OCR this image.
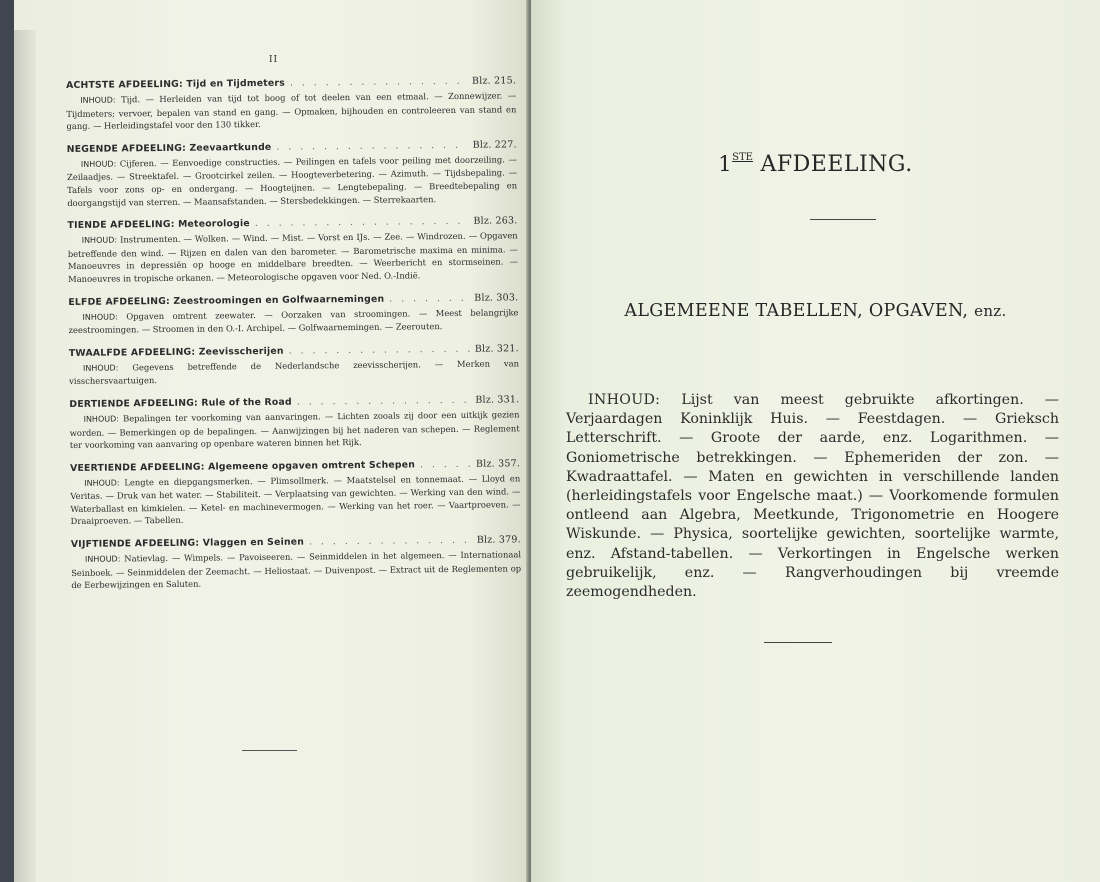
II
ACHTSTE AFDEELING: Tijd en Tijdmeters . . .	Blz. 215.
INHOUD: Tijd. — Herleiden van tijd tot boog of tot deelen van een etmaal. — Zonnewijzer. — Tijdmeters; vervoer, bepalen van stand en gang. — Opmaken, bijhouden en controleeren van stand en gang. — Herleidingstafel voor den 130 tikker.
NEGENDE AFDEELING: Zeevaartkunde . . .	Blz. 227.
INHOUD: Cijferen. — Eenvoedige constructies. — Peilingen en tafels voor peiling met doorzeiling. — Zeilaadjes. — Streektafel. — Grootcirkel zeilen. — Hoogteverbetering. — Azimuth. — Tijdsbepaling. — Tafels voor zons op- en ondergang. — Hoogteijnen. — Lengtebepaling. — Breedtebepaling en doorgangstijd van sterren. — Maansafstanden. — Stersbedekkingen. — Sterrekaarten.
TIENDE AFDEELING: Meteorologie . . .	Blz. 263.
INHOUD: Instrumenten. — Wolken. — Wind. — Mist. — Vorst en IJs. — Zee. — Windrozen. — Opgaven betreffende den wind. — Rijzen en dalen van den barometer. — Barometrische maxima en minima. — Manoeuvres in depressiën op hooge en middelbare breedten. — Weerbericht en stormseinen. — Manoeuvres in tropische orkanen. — Meteorologische opgaven voor Ned. O.-Indië.
ELFDE AFDEELING: Zeestroomingen en Golfwaarnemingen . . .	Blz. 303.
INHOUD: Opgaven omtrent zeewater. — Oorzaken van stroomingen. — Meest belangrijke zeestroomingen. — Stroomen in den O.-I. Archipel. — Golfwaarnemingen. — Zeerouten.
TWAALFDE AFDEELING: Zeevisscherijen . . .	Blz. 321.
INHOUD: Gegevens betreffende de Nederlandsche zeevisscherijen. — Merken van visschersvaartuigen.
DERTIENDE AFDEELING: Rule of the Road . . .	Blz. 331.
INHOUD: Bepalingen ter voorkoming van aanvaringen. — Lichten zooals zij door een uitkijk gezien worden. — Bemerkingen op de bepalingen. — Aanwijzingen bij het naderen van schepen. — Reglement ter voorkoming van aanvaring op openbare wateren binnen het Rijk.
VEERTIENDE AFDEELING: Algemeene opgaven omtrent Schepen . . .	Blz. 357.
INHOUD: Lengte en diepgangsmerken. — Plimsollmerk. — Maatstelsel en tonnemaat. — Lloyd en Veritas. — Druk van het water. — Stabiliteit. — Verplaatsing van gewichten. — Werking van den wind. — Waterballast en kimkielen. — Ketel- en machinevermogen. — Werking van het roer. — Vaartproeven. — Draaiproeven. — Tabellen.
VIJFTIENDE AFDEELING: Vlaggen en Seinen . . .	Blz. 379.
INHOUD: Natievlag. — Wimpels. — Pavoiseeren. — Seinmiddelen in het algemeen. — Internationaal Seinboek. — Seinmiddelen der Zeemacht. — Heliostaat. — Duivenpost. — Extract uit de Reglementen op de Eerbewijzingen en Saluten.
1STE AFDEELING.
ALGEMEENE TABELLEN, OPGAVEN, enz.
INHOUD: Lijst van meest gebruikte afkortingen. — Verjaardagen Koninklijk Huis. — Feestdagen. — Grieksch Letterschrift. — Groote der aarde, enz. Logarithmen. — Goniometrische betrekkingen. — Ephemeriden der zon. — Kwadraattafel. — Maten en gewichten in verschillende landen (herleidingstafels voor Engelsche maat.) — Voorkomende formulen ontleend aan Algebra, Meetkunde, Trigonometrie en Hoogere Wiskunde. — Physica, soortelijke gewichten, soortelijke warmte, enz. Afstand-tabellen. — Verkortingen in Engelsche werken gebruikelijk, enz. — Rangverhoudingen bij vreemde zeemogendheden.
